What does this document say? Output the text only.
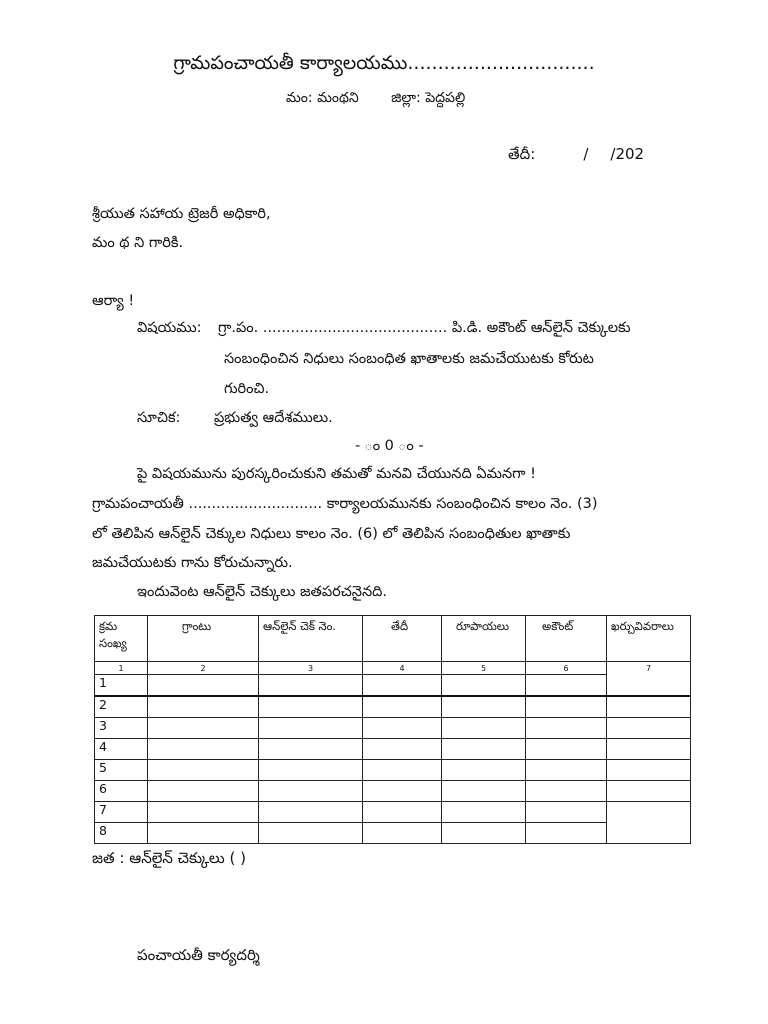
గ్రామపంచాయతీ కార్యాలయము...............................
మం: మంథని జిల్లా: పెద్దపల్లి
తేదీ:	/ /202
శ్రీయుత సహాయ ట్రెజరీ అధికారి,
మం థ ని గారికి.
ఆర్యా !
విషయము: గ్రా.పం. ........................................ పి.డి. అకౌంట్ ఆన్‌లైన్ చెక్కులకు
సంబంధించిన నిధులు సంబంధిత ఖాతాలకు జమచేయుటకు కోరుట
గురించి.
సూచిక: ప్రభుత్వ ఆదేశములు.
- ం 0 ం -
పై విషయమును పురస్కరించుకుని తమతో మనవి చేయునది ఏమనగా !
గ్రామపంచాయతీ ............................. కార్యాలయమునకు సంబంధించిన కాలం నెం. (3)
లో తెలిపిన ఆన్‌లైన్ చెక్కుల నిధులు కాలం నెం. (6) లో తెలిపిన సంబంధితుల ఖాతాకు
జమచేయుటకు గాను కోరుచున్నారు.
ఇందువెంట ఆన్‌లైన్ చెక్కులు జతపరచనైనది.
క్రమ సంఖ్య	గ్రాంటు	ఆన్‌లైన్ చెక్ నెం.	తేదీ	రూపాయలు	అకౌంట్	ఖర్చువివరాలు
1	2	3	4	5	6	7
1						
2						
3						
4						
5						
6						
7						
8						
జత : ఆన్‌లైన్ చెక్కులు ( )
పంచాయతీ కార్యదర్శి
